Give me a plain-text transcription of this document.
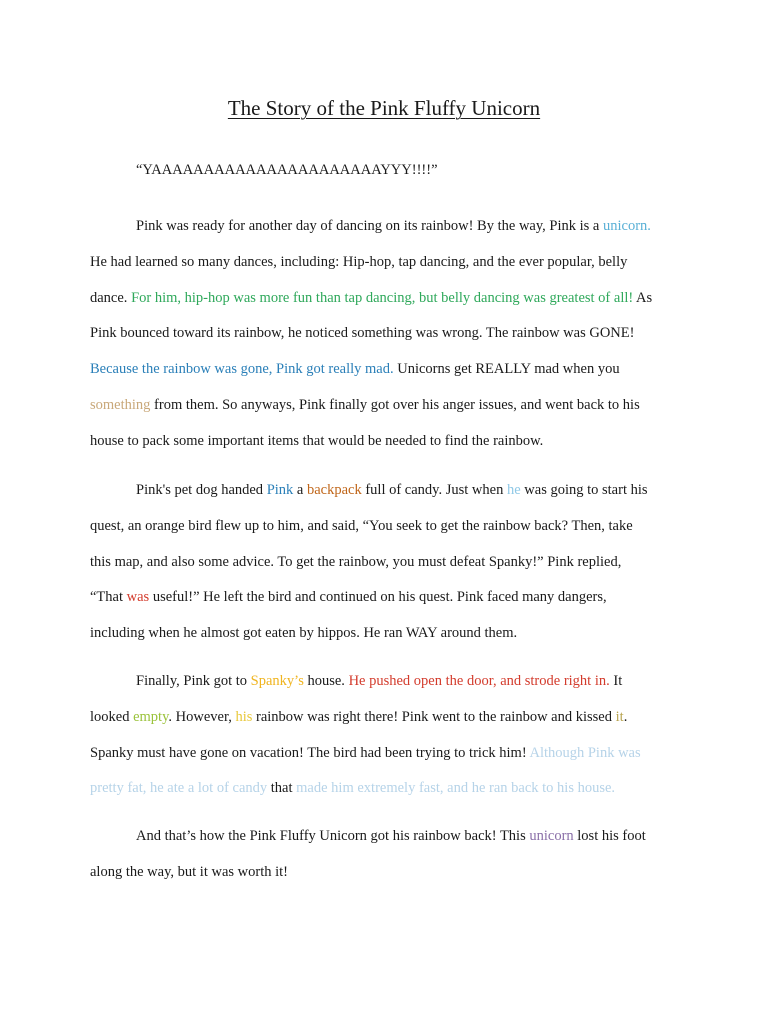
The Story of the Pink Fluffy Unicorn
“YAAAAAAAAAAAAAAAAAAAAAAYYY!!!!”
Pink was ready for another day of dancing on its rainbow! By the way, Pink is a unicorn.
He had learned so many dances, including: Hip-hop, tap dancing, and the ever popular, belly
dance. For him, hip-hop was more fun than tap dancing, but belly dancing was greatest of all! As
Pink bounced toward its rainbow, he noticed something was wrong. The rainbow was GONE!
Because the rainbow was gone, Pink got really mad. Unicorns get REALLY mad when you
something from them. So anyways, Pink finally got over his anger issues, and went back to his
house to pack some important items that would be needed to find the rainbow.
Pink's pet dog handed Pink a backpack full of candy. Just when he was going to start his
quest, an orange bird flew up to him, and said, “You seek to get the rainbow back? Then, take
this map, and also some advice. To get the rainbow, you must defeat Spanky!” Pink replied,
“That was useful!” He left the bird and continued on his quest. Pink faced many dangers,
including when he almost got eaten by hippos. He ran WAY around them.
Finally, Pink got to Spanky’s house. He pushed open the door, and strode right in. It
looked empty. However, his rainbow was right there! Pink went to the rainbow and kissed it.
Spanky must have gone on vacation! The bird had been trying to trick him! Although Pink was
pretty fat, he ate a lot of candy that made him extremely fast, and he ran back to his house.
And that’s how the Pink Fluffy Unicorn got his rainbow back! This unicorn lost his foot
along the way, but it was worth it!
